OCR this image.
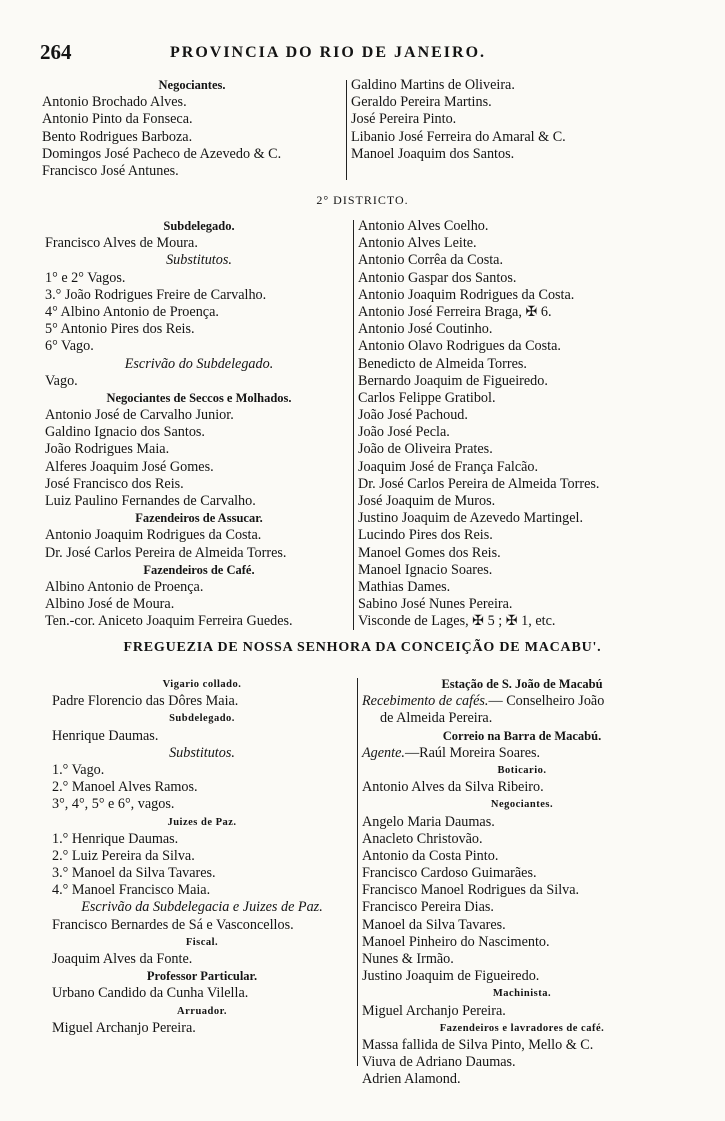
264	PROVINCIA DO RIO DE JANEIRO.
Negociantes.
Antonio Brochado Alves.
Antonio Pinto da Fonseca.
Bento Rodrigues Barboza.
Domingos José Pacheco de Azevedo & C.
Francisco José Antunes.
Galdino Martins de Oliveira.
Geraldo Pereira Martins.
José Pereira Pinto.
Libanio José Ferreira do Amaral & C.
Manoel Joaquim dos Santos.
2° DISTRICTO.
Subdelegado.
Francisco Alves de Moura.
Substitutos.
1° e 2° Vagos.
3.° João Rodrigues Freire de Carvalho.
4° Albino Antonio de Proença.
5° Antonio Pires dos Reis.
6° Vago.
Escrivão do Subdelegado.
Vago.
Negociantes de Seccos e Molhados.
Antonio José de Carvalho Junior.
Galdino Ignacio dos Santos.
João Rodrigues Maia.
Alferes Joaquim José Gomes.
José Francisco dos Reis.
Luiz Paulino Fernandes de Carvalho.
Fazendeiros de Assucar.
Antonio Joaquim Rodrigues da Costa.
Dr. José Carlos Pereira de Almeida Torres.
Fazendeiros de Café.
Albino Antonio de Proença.
Albino José de Moura.
Ten.-cor. Aniceto Joaquim Ferreira Guedes.
Antonio Alves Coelho.
Antonio Alves Leite.
Antonio Corrêa da Costa.
Antonio Gaspar dos Santos.
Antonio Joaquim Rodrigues da Costa.
Antonio José Ferreira Braga, ✠ 6.
Antonio José Coutinho.
Antonio Olavo Rodrigues da Costa.
Benedicto de Almeida Torres.
Bernardo Joaquim de Figueiredo.
Carlos Felippe Gratibol.
João José Pachoud.
João José Pecla.
João de Oliveira Prates.
Joaquim José de França Falcão.
Dr. José Carlos Pereira de Almeida Torres.
José Joaquim de Muros.
Justino Joaquim de Azevedo Martingel.
Lucindo Pires dos Reis.
Manoel Gomes dos Reis.
Manoel Ignacio Soares.
Mathias Dames.
Sabino José Nunes Pereira.
Visconde de Lages, ✠ 5 ; ✠ 1, etc.
FREGUEZIA DE NOSSA SENHORA DA CONCEIÇÃO DE MACABU'.
Vigario collado.
Padre Florencio das Dôres Maia.
Subdelegado.
Henrique Daumas.
Substitutos.
1.° Vago.
2.° Manoel Alves Ramos.
3°, 4°, 5° e 6°, vagos.
Juizes de Paz.
1.° Henrique Daumas.
2.° Luiz Pereira da Silva.
3.° Manoel da Silva Tavares.
4.° Manoel Francisco Maia.
Escrivão da Subdelegacia e Juizes de Paz.
Francisco Bernardes de Sá e Vasconcellos.
Fiscal.
Joaquim Alves da Fonte.
Professor Particular.
Urbano Candido da Cunha Vilella.
Arruador.
Miguel Archanjo Pereira.
Estação de S. João de Macabú
Recebimento de cafés.— Conselheiro João
de Almeida Pereira.
Correio na Barra de Macabú.
Agente.—Raúl Moreira Soares.
Boticario.
Antonio Alves da Silva Ribeiro.
Negociantes.
Angelo Maria Daumas.
Anacleto Christovão.
Antonio da Costa Pinto.
Francisco Cardoso Guimarães.
Francisco Manoel Rodrigues da Silva.
Francisco Pereira Dias.
Manoel da Silva Tavares.
Manoel Pinheiro do Nascimento.
Nunes & Irmão.
Justino Joaquim de Figueiredo.
Machinista.
Miguel Archanjo Pereira.
Fazendeiros e lavradores de café.
Massa fallida de Silva Pinto, Mello & C.
Viuva de Adriano Daumas.
Adrien Alamond.
